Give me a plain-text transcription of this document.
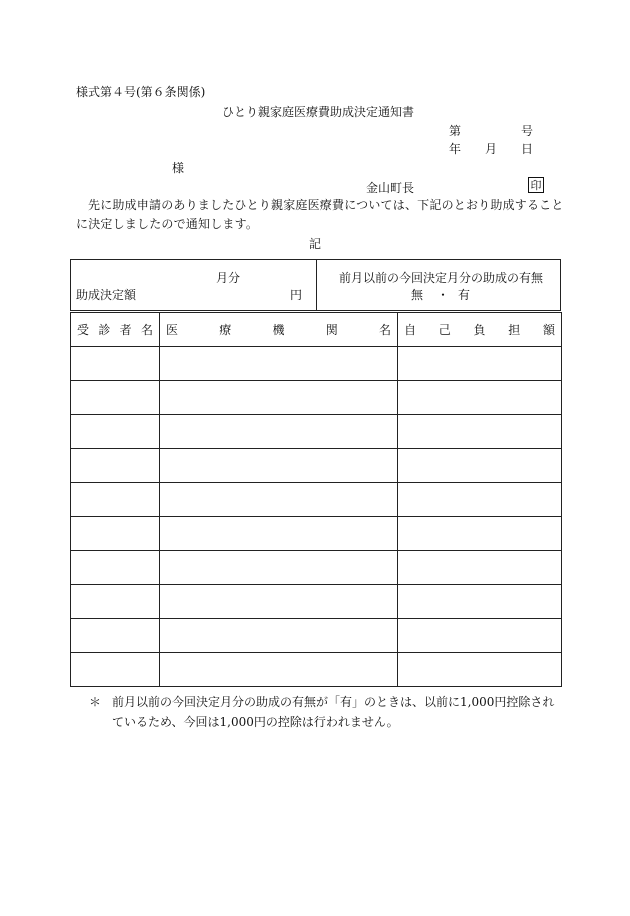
様式第４号(第６条関係)
ひとり親家庭医療費助成決定通知書
第	号
年 月 日
様
金山町長	印
先に助成申請のありましたひとり親家庭医療費については、下記のとおり助成することに決定しましたので通知します。
記
月分
助成決定額	円
前月以前の今回決定月分の助成の有無
無 ・ 有
受 診 者 名	医 療 機 関 名	自 己 負 担 額

＊ 前月以前の今回決定月分の助成の有無が「有」のときは、以前に1,000円控除されているため、今回は1,000円の控除は行われません。
